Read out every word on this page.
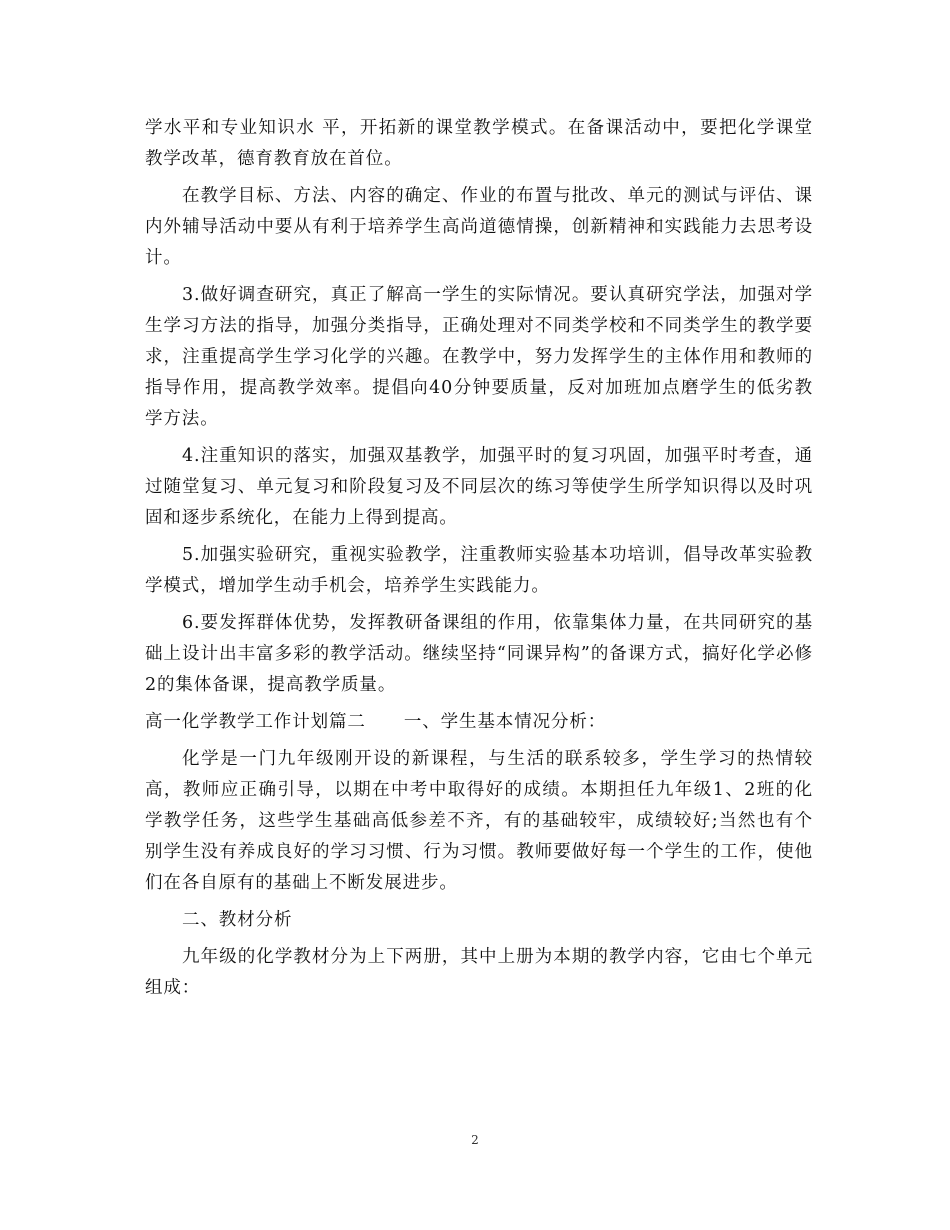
学水平和专业知识水 平，开拓新的课堂教学模式。在备课活动中，要把化学课堂教学改革，德育教育放在首位。

在教学目标、方法、内容的确定、作业的布置与批改、单元的测试与评估、课内外辅导活动中要从有利于培养学生高尚道德情操，创新精神和实践能力去思考设计。

3.做好调查研究，真正了解高一学生的实际情况。要认真研究学法，加强对学生学习方法的指导，加强分类指导，正确处理对不同类学校和不同类学生的教学要求，注重提高学生学习化学的兴趣。在教学中，努力发挥学生的主体作用和教师的指导作用，提高教学效率。提倡向40分钟要质量，反对加班加点磨学生的低劣教学方法。

4.注重知识的落实，加强双基教学，加强平时的复习巩固，加强平时考查，通过随堂复习、单元复习和阶段复习及不同层次的练习等使学生所学知识得以及时巩固和逐步系统化，在能力上得到提高。

5.加强实验研究，重视实验教学，注重教师实验基本功培训，倡导改革实验教学模式，增加学生动手机会，培养学生实践能力。

6.要发挥群体优势，发挥教研备课组的作用，依靠集体力量，在共同研究的基础上设计出丰富多彩的教学活动。继续坚持“同课异构”的备课方式，搞好化学必修2的集体备课，提高教学质量。

高一化学教学工作计划篇二 一、学生基本情况分析：

化学是一门九年级刚开设的新课程，与生活的联系较多，学生学习的热情较高，教师应正确引导，以期在中考中取得好的成绩。本期担任九年级1、2班的化学教学任务，这些学生基础高低参差不齐，有的基础较牢，成绩较好;当然也有个别学生没有养成良好的学习习惯、行为习惯。教师要做好每一个学生的工作，使他们在各自原有的基础上不断发展进步。

二、教材分析

九年级的化学教材分为上下两册，其中上册为本期的教学内容，它由七个单元组成：

2
